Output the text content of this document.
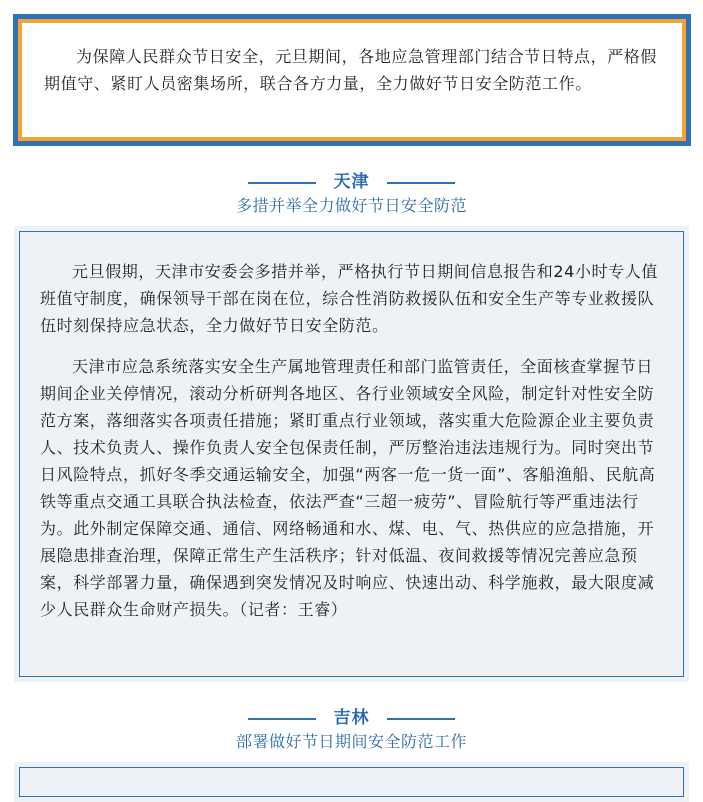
为保障人民群众节日安全，元旦期间，各地应急管理部门结合节日特点，严格假期值守、紧盯人员密集场所，联合各方力量，全力做好节日安全防范工作。

天津
多措并举全力做好节日安全防范

元旦假期，天津市安委会多措并举，严格执行节日期间信息报告和24小时专人值班值守制度，确保领导干部在岗在位，综合性消防救援队伍和安全生产等专业救援队伍时刻保持应急状态，全力做好节日安全防范。

天津市应急系统落实安全生产属地管理责任和部门监管责任，全面核查掌握节日期间企业关停情况，滚动分析研判各地区、各行业领域安全风险，制定针对性安全防范方案，落细落实各项责任措施；紧盯重点行业领域，落实重大危险源企业主要负责人、技术负责人、操作负责人安全包保责任制，严厉整治违法违规行为。同时突出节日风险特点，抓好冬季交通运输安全，加强“两客一危一货一面”、客船渔船、民航高铁等重点交通工具联合执法检查，依法严查“三超一疲劳”、冒险航行等严重违法行为。此外制定保障交通、通信、网络畅通和水、煤、电、气、热供应的应急措施，开展隐患排查治理，保障正常生产生活秩序；针对低温、夜间救援等情况完善应急预案，科学部署力量，确保遇到突发情况及时响应、快速出动、科学施救，最大限度减少人民群众生命财产损失。（记者：王睿）

吉林
部署做好节日期间安全防范工作
